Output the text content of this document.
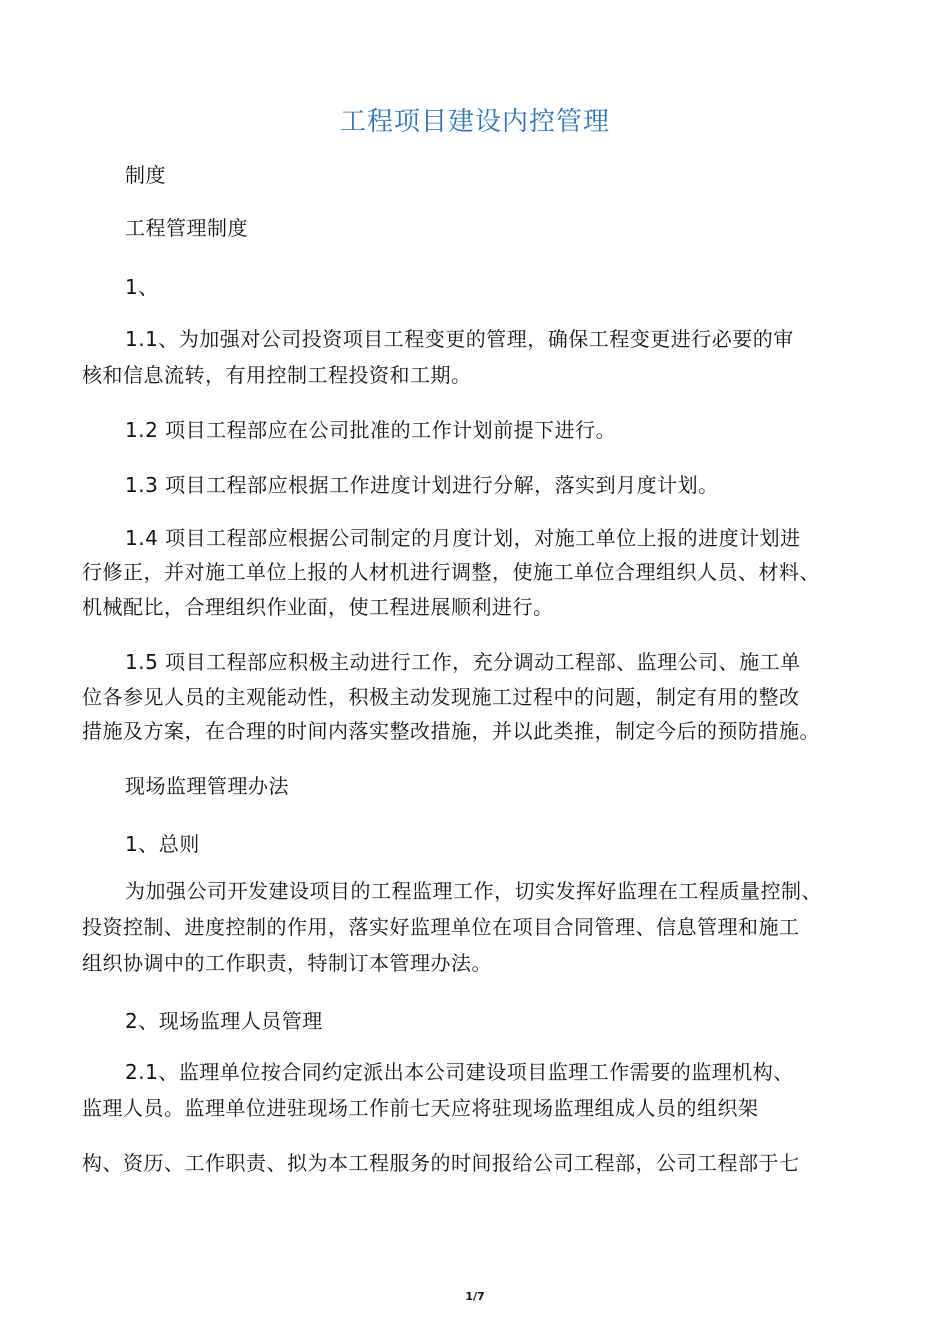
工程项目建设内控管理
制度
工程管理制度
1、
1.1、为加强对公司投资项目工程变更的管理，确保工程变更进行必要的审
核和信息流转，有用控制工程投资和工期。
1.2 项目工程部应在公司批准的工作计划前提下进行。
1.3 项目工程部应根据工作进度计划进行分解，落实到月度计划。
1.4 项目工程部应根据公司制定的月度计划，对施工单位上报的进度计划进
行修正，并对施工单位上报的人材机进行调整，使施工单位合理组织人员、材料、
机械配比，合理组织作业面，使工程进展顺利进行。
1.5 项目工程部应积极主动进行工作，充分调动工程部、监理公司、施工单
位各参见人员的主观能动性，积极主动发现施工过程中的问题，制定有用的整改
措施及方案，在合理的时间内落实整改措施，并以此类推，制定今后的预防措施。
现场监理管理办法
1、总则
为加强公司开发建设项目的工程监理工作，切实发挥好监理在工程质量控制、
投资控制、进度控制的作用，落实好监理单位在项目合同管理、信息管理和施工
组织协调中的工作职责，特制订本管理办法。
2、现场监理人员管理
2.1、监理单位按合同约定派出本公司建设项目监理工作需要的监理机构、
监理人员。监理单位进驻现场工作前七天应将驻现场监理组成人员的组织架
构、资历、工作职责、拟为本工程服务的时间报给公司工程部，公司工程部于七
1/7
